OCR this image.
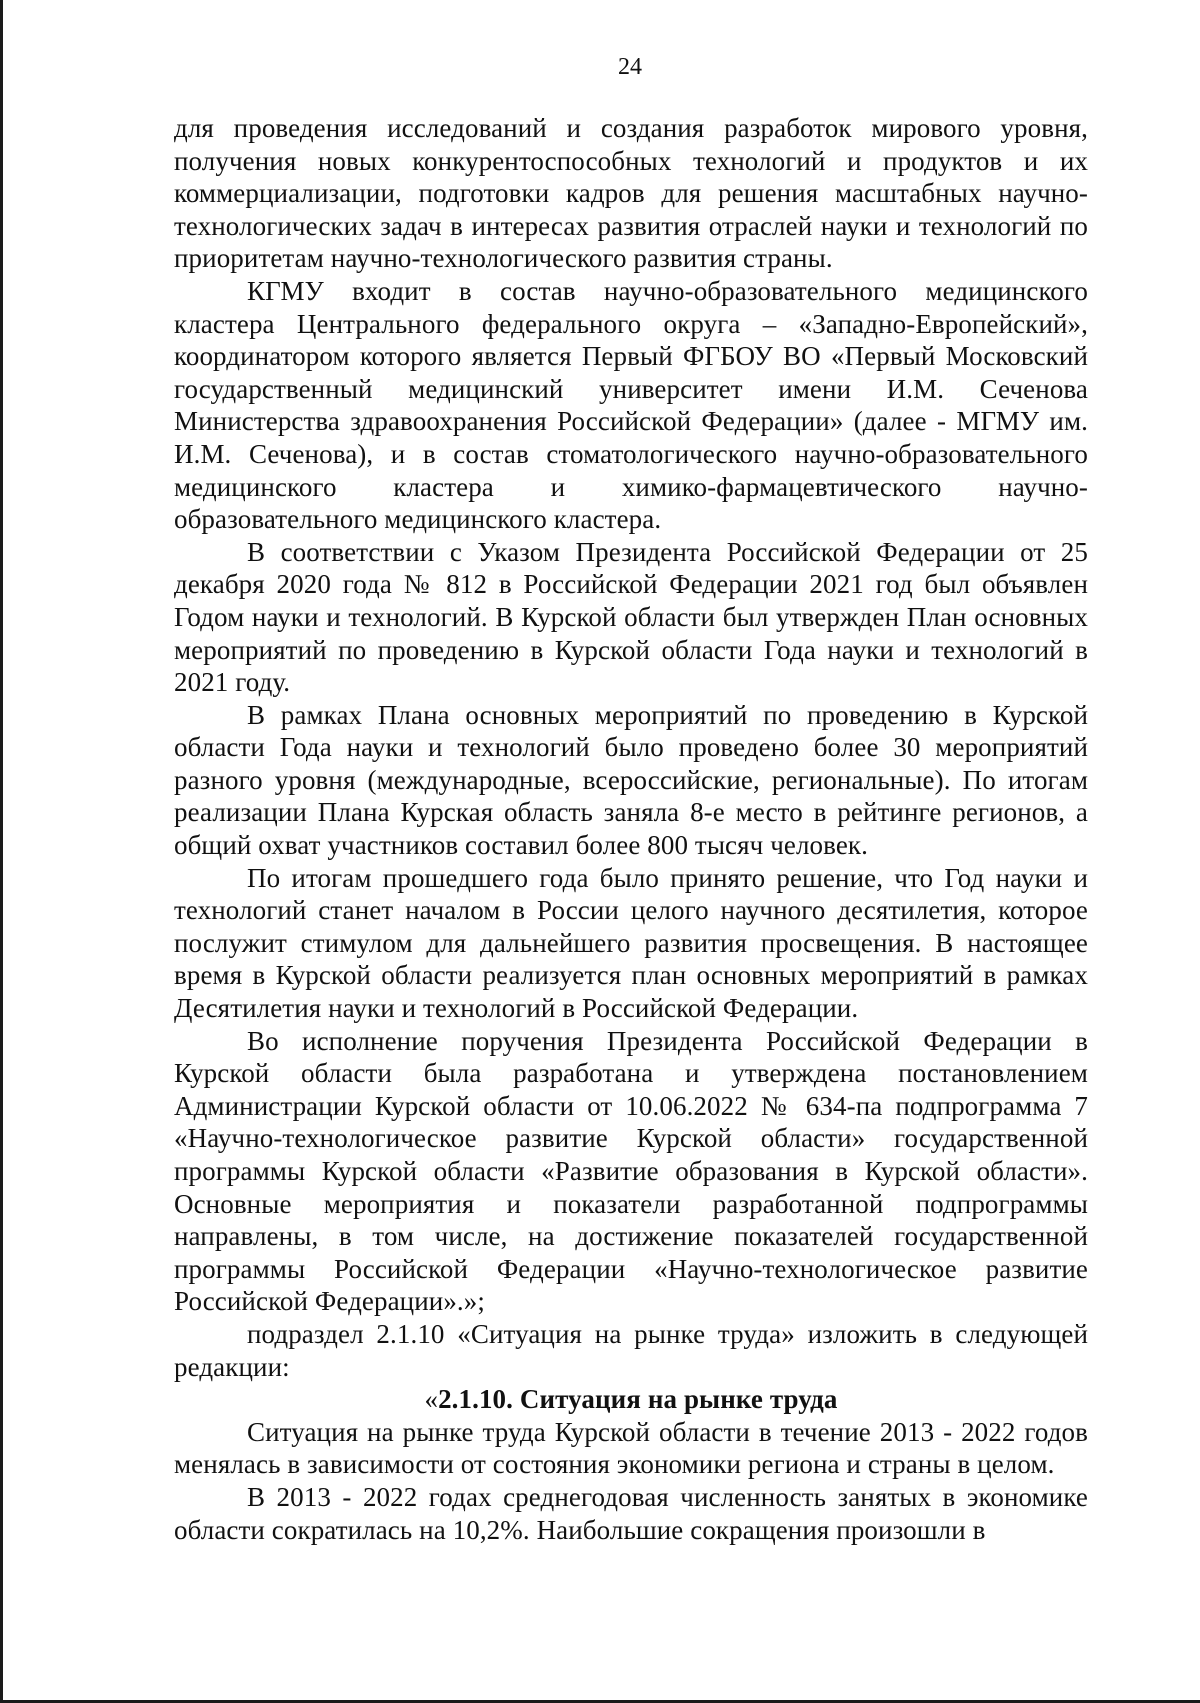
24

для проведения исследований и создания разработок мирового уровня, получения новых конкурентоспособных технологий и продуктов и их коммерциализации, подготовки кадров для решения масштабных научно-технологических задач в интересах развития отраслей науки и технологий по приоритетам научно-технологического развития страны.

КГМУ входит в состав научно-образовательного медицинского кластера Центрального федерального округа – «Западно-Европейский», координатором которого является Первый ФГБОУ ВО «Первый Московский государственный медицинский университет имени И.М. Сеченова Министерства здравоохранения Российской Федерации» (далее - МГМУ им. И.М. Сеченова), и в состав стоматологического научно-образовательного медицинского кластера и химико-фармацевтического научно-образовательного медицинского кластера.

В соответствии с Указом Президента Российской Федерации от 25 декабря 2020 года № 812 в Российской Федерации 2021 год был объявлен Годом науки и технологий. В Курской области был утвержден План основных мероприятий по проведению в Курской области Года науки и технологий в 2021 году.

В рамках Плана основных мероприятий по проведению в Курской области Года науки и технологий было проведено более 30 мероприятий разного уровня (международные, всероссийские, региональные). По итогам реализации Плана Курская область заняла 8-е место в рейтинге регионов, а общий охват участников составил более 800 тысяч человек.

По итогам прошедшего года было принято решение, что Год науки и технологий станет началом в России целого научного десятилетия, которое послужит стимулом для дальнейшего развития просвещения. В настоящее время в Курской области реализуется план основных мероприятий в рамках Десятилетия науки и технологий в Российской Федерации.

Во исполнение поручения Президента Российской Федерации в Курской области была разработана и утверждена постановлением Администрации Курской области от 10.06.2022 № 634-па подпрограмма 7 «Научно-технологическое развитие Курской области» государственной программы Курской области «Развитие образования в Курской области». Основные мероприятия и показатели разработанной подпрограммы направлены, в том числе, на достижение показателей государственной программы Российской Федерации «Научно-технологическое развитие Российской Федерации».»;

подраздел 2.1.10 «Ситуация на рынке труда» изложить в следующей редакции:

«2.1.10. Ситуация на рынке труда

Ситуация на рынке труда Курской области в течение 2013 - 2022 годов менялась в зависимости от состояния экономики региона и страны в целом.

В 2013 - 2022 годах среднегодовая численность занятых в экономике области сократилась на 10,2%. Наибольшие сокращения произошли в
